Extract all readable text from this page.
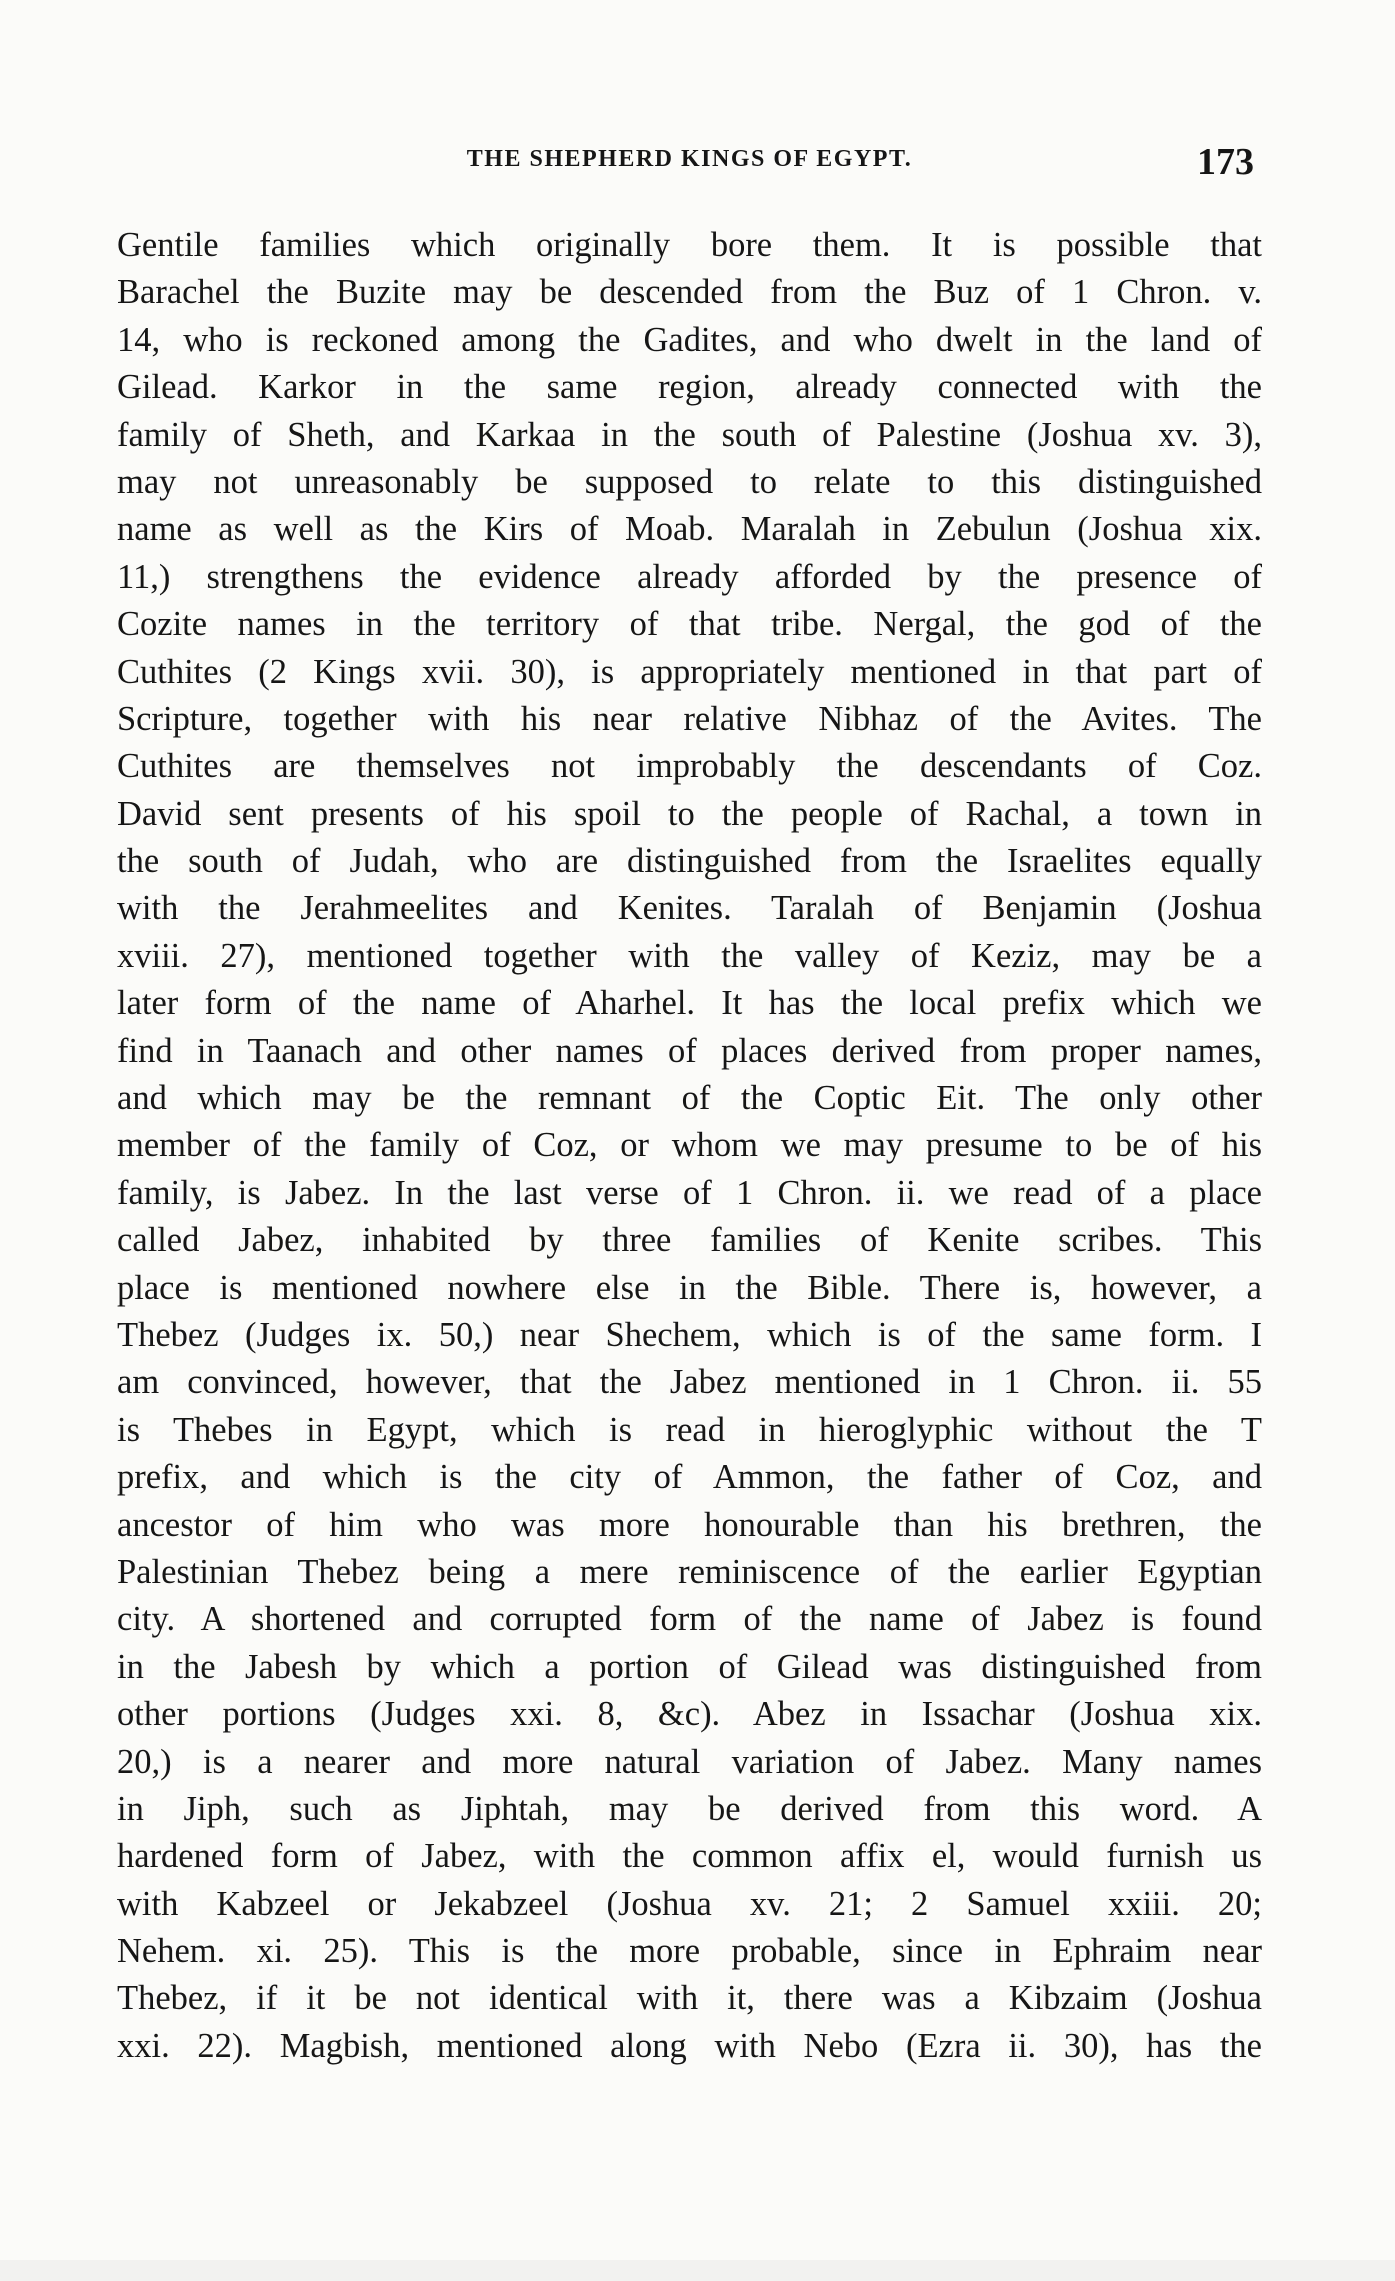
THE SHEPHERD KINGS OF EGYPT.	173
Gentile families which originally bore them. It is possible that
Barachel the Buzite may be descended from the Buz of 1 Chron. v.
14, who is reckoned among the Gadites, and who dwelt in the land of
Gilead. Karkor in the same region, already connected with the
family of Sheth, and Karkaa in the south of Palestine (Joshua xv. 3),
may not unreasonably be supposed to relate to this distinguished
name as well as the Kirs of Moab. Maralah in Zebulun (Joshua xix.
11,) strengthens the evidence already afforded by the presence of
Cozite names in the territory of that tribe. Nergal, the god of the
Cuthites (2 Kings xvii. 30), is appropriately mentioned in that part of
Scripture, together with his near relative Nibhaz of the Avites. The
Cuthites are themselves not improbably the descendants of Coz.
David sent presents of his spoil to the people of Rachal, a town in
the south of Judah, who are distinguished from the Israelites equally
with the Jerahmeelites and Kenites. Taralah of Benjamin (Joshua
xviii. 27), mentioned together with the valley of Keziz, may be a
later form of the name of Aharhel. It has the local prefix which we
find in Taanach and other names of places derived from proper names,
and which may be the remnant of the Coptic Eit. The only other
member of the family of Coz, or whom we may presume to be of his
family, is Jabez. In the last verse of 1 Chron. ii. we read of a place
called Jabez, inhabited by three families of Kenite scribes. This
place is mentioned nowhere else in the Bible. There is, however, a
Thebez (Judges ix. 50,) near Shechem, which is of the same form. I
am convinced, however, that the Jabez mentioned in 1 Chron. ii. 55
is Thebes in Egypt, which is read in hieroglyphic without the T
prefix, and which is the city of Ammon, the father of Coz, and
ancestor of him who was more honourable than his brethren, the
Palestinian Thebez being a mere reminiscence of the earlier Egyptian
city. A shortened and corrupted form of the name of Jabez is found
in the Jabesh by which a portion of Gilead was distinguished from
other portions (Judges xxi. 8, &c). Abez in Issachar (Joshua xix.
20,) is a nearer and more natural variation of Jabez. Many names
in Jiph, such as Jiphtah, may be derived from this word. A
hardened form of Jabez, with the common affix el, would furnish us
with Kabzeel or Jekabzeel (Joshua xv. 21; 2 Samuel xxiii. 20;
Nehem. xi. 25). This is the more probable, since in Ephraim near
Thebez, if it be not identical with it, there was a Kibzaim (Joshua
xxi. 22). Magbish, mentioned along with Nebo (Ezra ii. 30), has the
